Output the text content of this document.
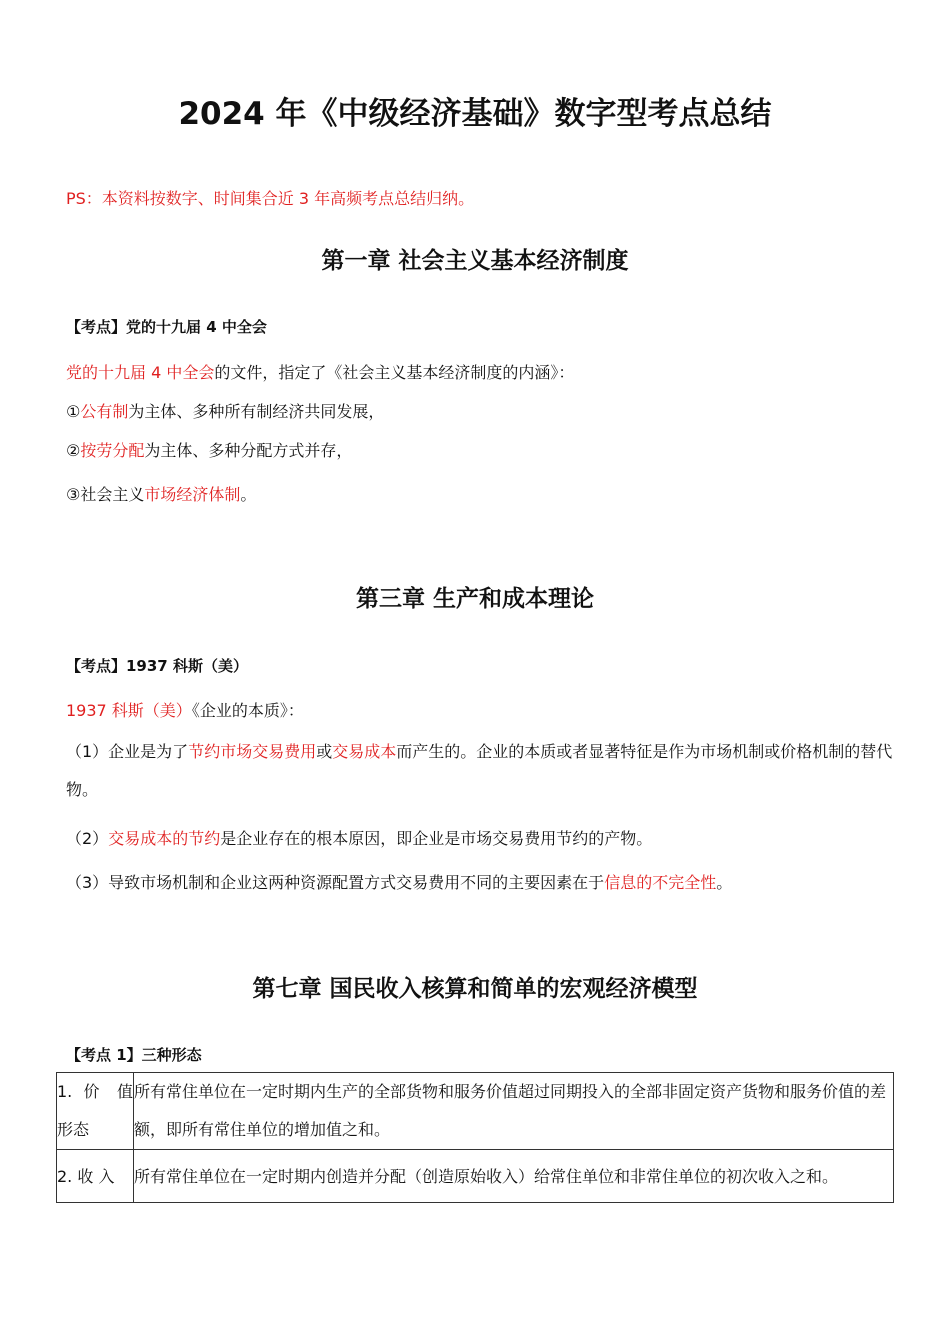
2024 年《中级经济基础》数字型考点总结
PS：本资料按数字、时间集合近 3 年高频考点总结归纳。
第一章 社会主义基本经济制度
【考点】党的十九届 4 中全会
党的十九届 4 中全会的文件，指定了《社会主义基本经济制度的内涵》：
①公有制为主体、多种所有制经济共同发展，
②按劳分配为主体、多种分配方式并存，
③社会主义市场经济体制。
第三章 生产和成本理论
【考点】1937 科斯（美）
1937 科斯（美）《企业的本质》：
（1）企业是为了节约市场交易费用或交易成本而产生的。企业的本质或者显著特征是作为市场机制或价格机制的替代物。
（2）交易成本的节约是企业存在的根本原因，即企业是市场交易费用节约的产物。
（3）导致市场机制和企业这两种资源配置方式交易费用不同的主要因素在于信息的不完全性。
第七章 国民收入核算和简单的宏观经济模型
【考点 1】三种形态
1. 价 值 形态	所有常住单位在一定时期内生产的全部货物和服务价值超过同期投入的全部非固定资产货物和服务价值的差额，即所有常住单位的增加值之和。
2. 收 入	所有常住单位在一定时期内创造并分配（创造原始收入）给常住单位和非常住单位的初次收入之和。
